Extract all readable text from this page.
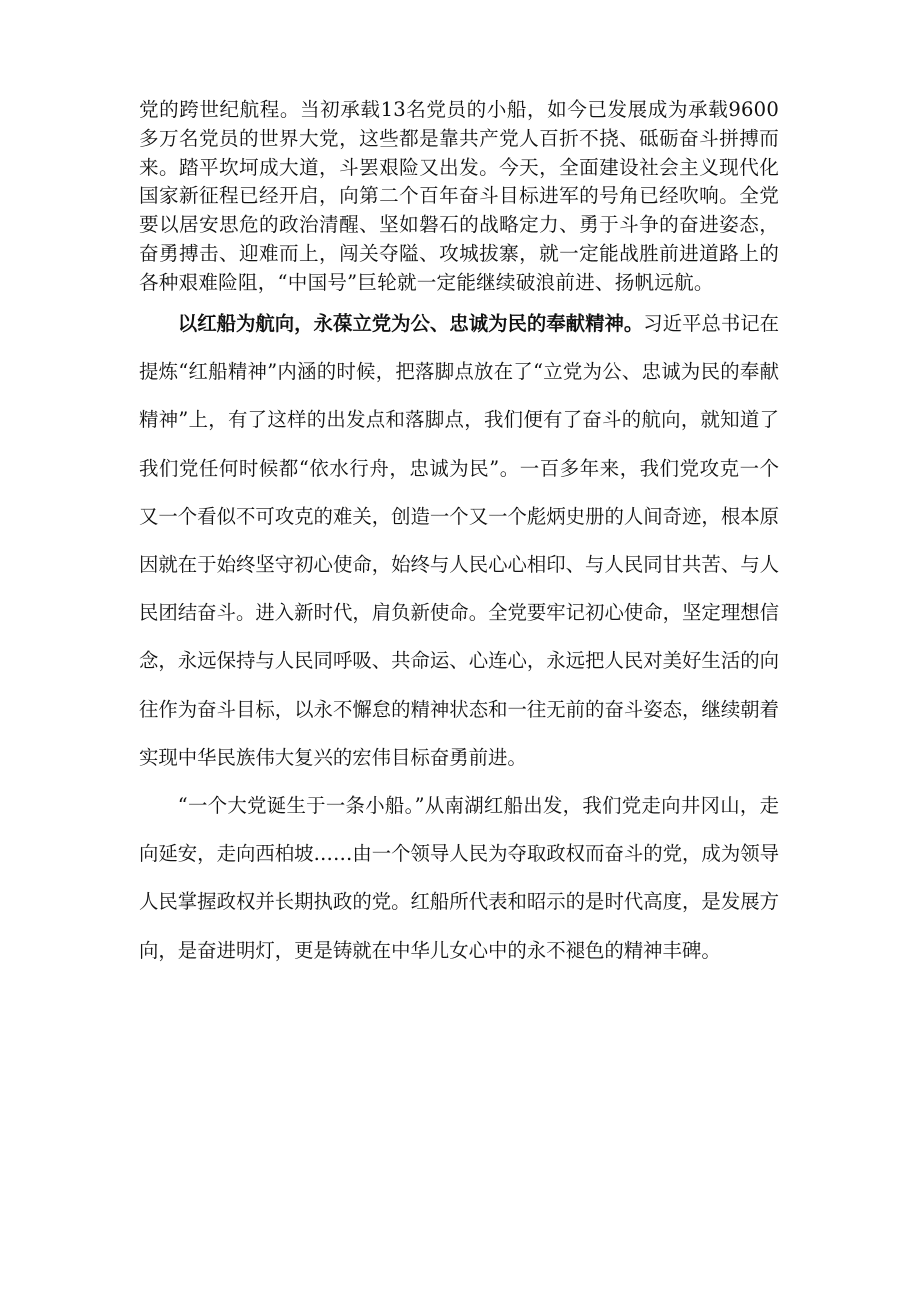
党的跨世纪航程。当初承载13名党员的小船，如今已发展成为承载9600多万名党员的世界大党，这些都是靠共产党人百折不挠、砥砺奋斗拼搏而来。踏平坎坷成大道，斗罢艰险又出发。今天，全面建设社会主义现代化国家新征程已经开启，向第二个百年奋斗目标进军的号角已经吹响。全党要以居安思危的政治清醒、坚如磐石的战略定力、勇于斗争的奋进姿态，奋勇搏击、迎难而上，闯关夺隘、攻城拔寨，就一定能战胜前进道路上的各种艰难险阻，“中国号”巨轮就一定能继续破浪前进、扬帆远航。
以红船为航向，永葆立党为公、忠诚为民的奉献精神。习近平总书记在提炼“红船精神”内涵的时候，把落脚点放在了“立党为公、忠诚为民的奉献精神”上，有了这样的出发点和落脚点，我们便有了奋斗的航向，就知道了我们党任何时候都“依水行舟，忠诚为民”。一百多年来，我们党攻克一个又一个看似不可攻克的难关，创造一个又一个彪炳史册的人间奇迹，根本原因就在于始终坚守初心使命，始终与人民心心相印、与人民同甘共苦、与人民团结奋斗。进入新时代，肩负新使命。全党要牢记初心使命，坚定理想信念，永远保持与人民同呼吸、共命运、心连心，永远把人民对美好生活的向往作为奋斗目标，以永不懈怠的精神状态和一往无前的奋斗姿态，继续朝着实现中华民族伟大复兴的宏伟目标奋勇前进。
“一个大党诞生于一条小船。”从南湖红船出发，我们党走向井冈山，走向延安，走向西柏坡……由一个领导人民为夺取政权而奋斗的党，成为领导人民掌握政权并长期执政的党。红船所代表和昭示的是时代高度，是发展方向，是奋进明灯，更是铸就在中华儿女心中的永不褪色的精神丰碑。
